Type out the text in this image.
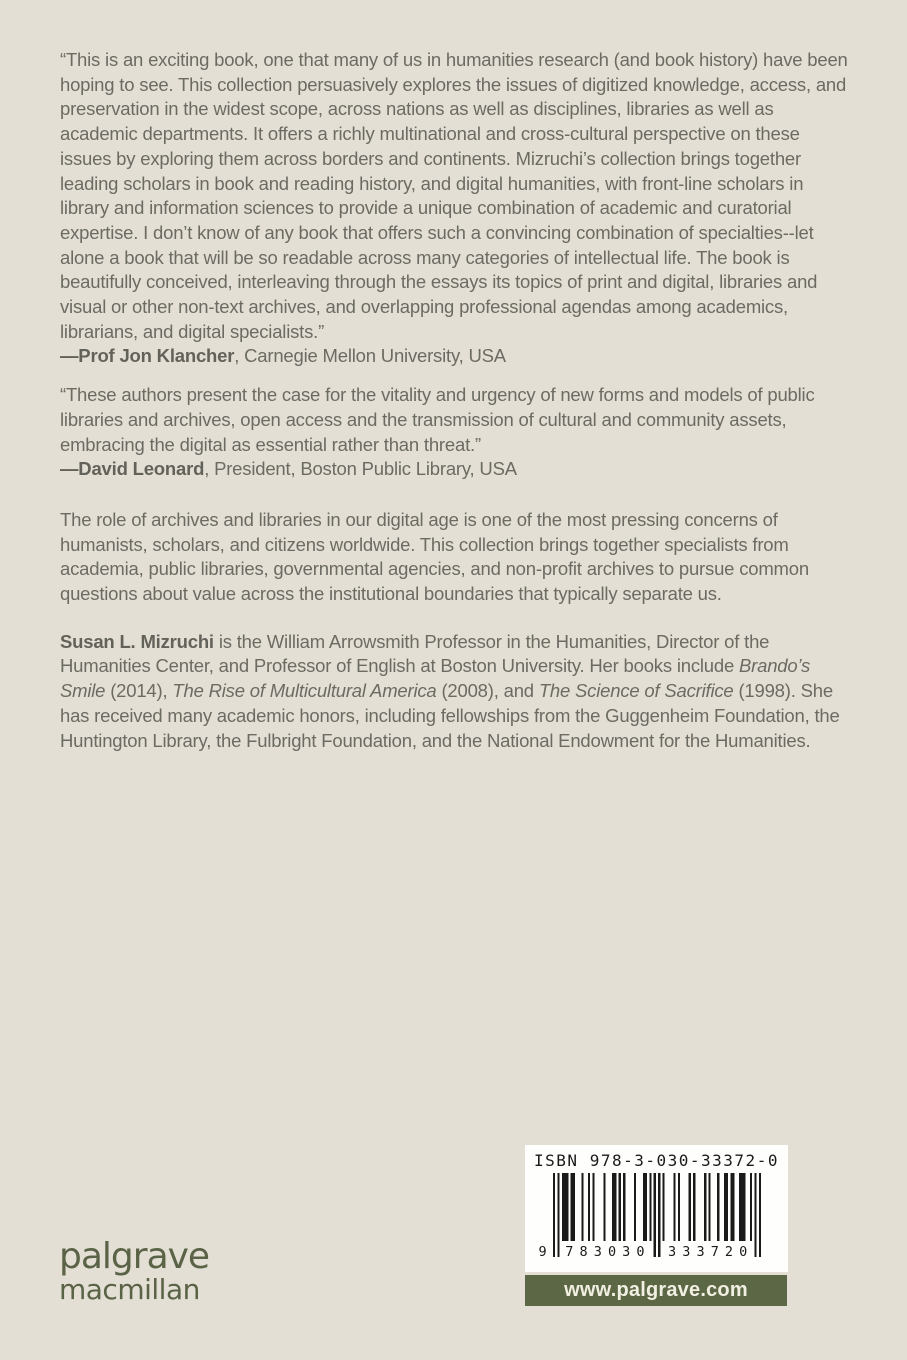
“This is an exciting book, one that many of us in humanities research (and book history) have been hoping to see. This collection persuasively explores the issues of digitized knowledge, access, and preservation in the widest scope, across nations as well as disciplines, libraries as well as academic departments. It offers a richly multinational and cross-cultural perspective on these issues by exploring them across borders and continents. Mizruchi’s collection brings together leading scholars in book and reading history, and digital humanities, with front-line scholars in library and information sciences to provide a unique combination of academic and curatorial expertise. I don’t know of any book that offers such a convincing combination of specialties--let alone a book that will be so readable across many categories of intellectual life. The book is beautifully conceived, interleaving through the essays its topics of print and digital, libraries and visual or other non-text archives, and overlapping professional agendas among academics, librarians, and digital specialists.”

—Prof Jon Klancher, Carnegie Mellon University, USA

“These authors present the case for the vitality and urgency of new forms and models of public libraries and archives, open access and the transmission of cultural and community assets, embracing the digital as essential rather than threat.”

—David Leonard, President, Boston Public Library, USA

The role of archives and libraries in our digital age is one of the most pressing concerns of humanists, scholars, and citizens worldwide. This collection brings together specialists from academia, public libraries, governmental agencies, and non-profit archives to pursue common questions about value across the institutional boundaries that typically separate us.

Susan L. Mizruchi is the William Arrowsmith Professor in the Humanities, Director of the Humanities Center, and Professor of English at Boston University. Her books include Brando’s Smile (2014), The Rise of Multicultural America (2008), and The Science of Sacrifice (1998). She has received many academic honors, including fellowships from the Guggenheim Foundation, the Huntington Library, the Fulbright Foundation, and the National Endowment for the Humanities.

ISBN 978-3-030-33372-0

9 7 8 3 0 3 0 3 3 3 7 2 0
www.palgrave.com
palgrave
macmillan
